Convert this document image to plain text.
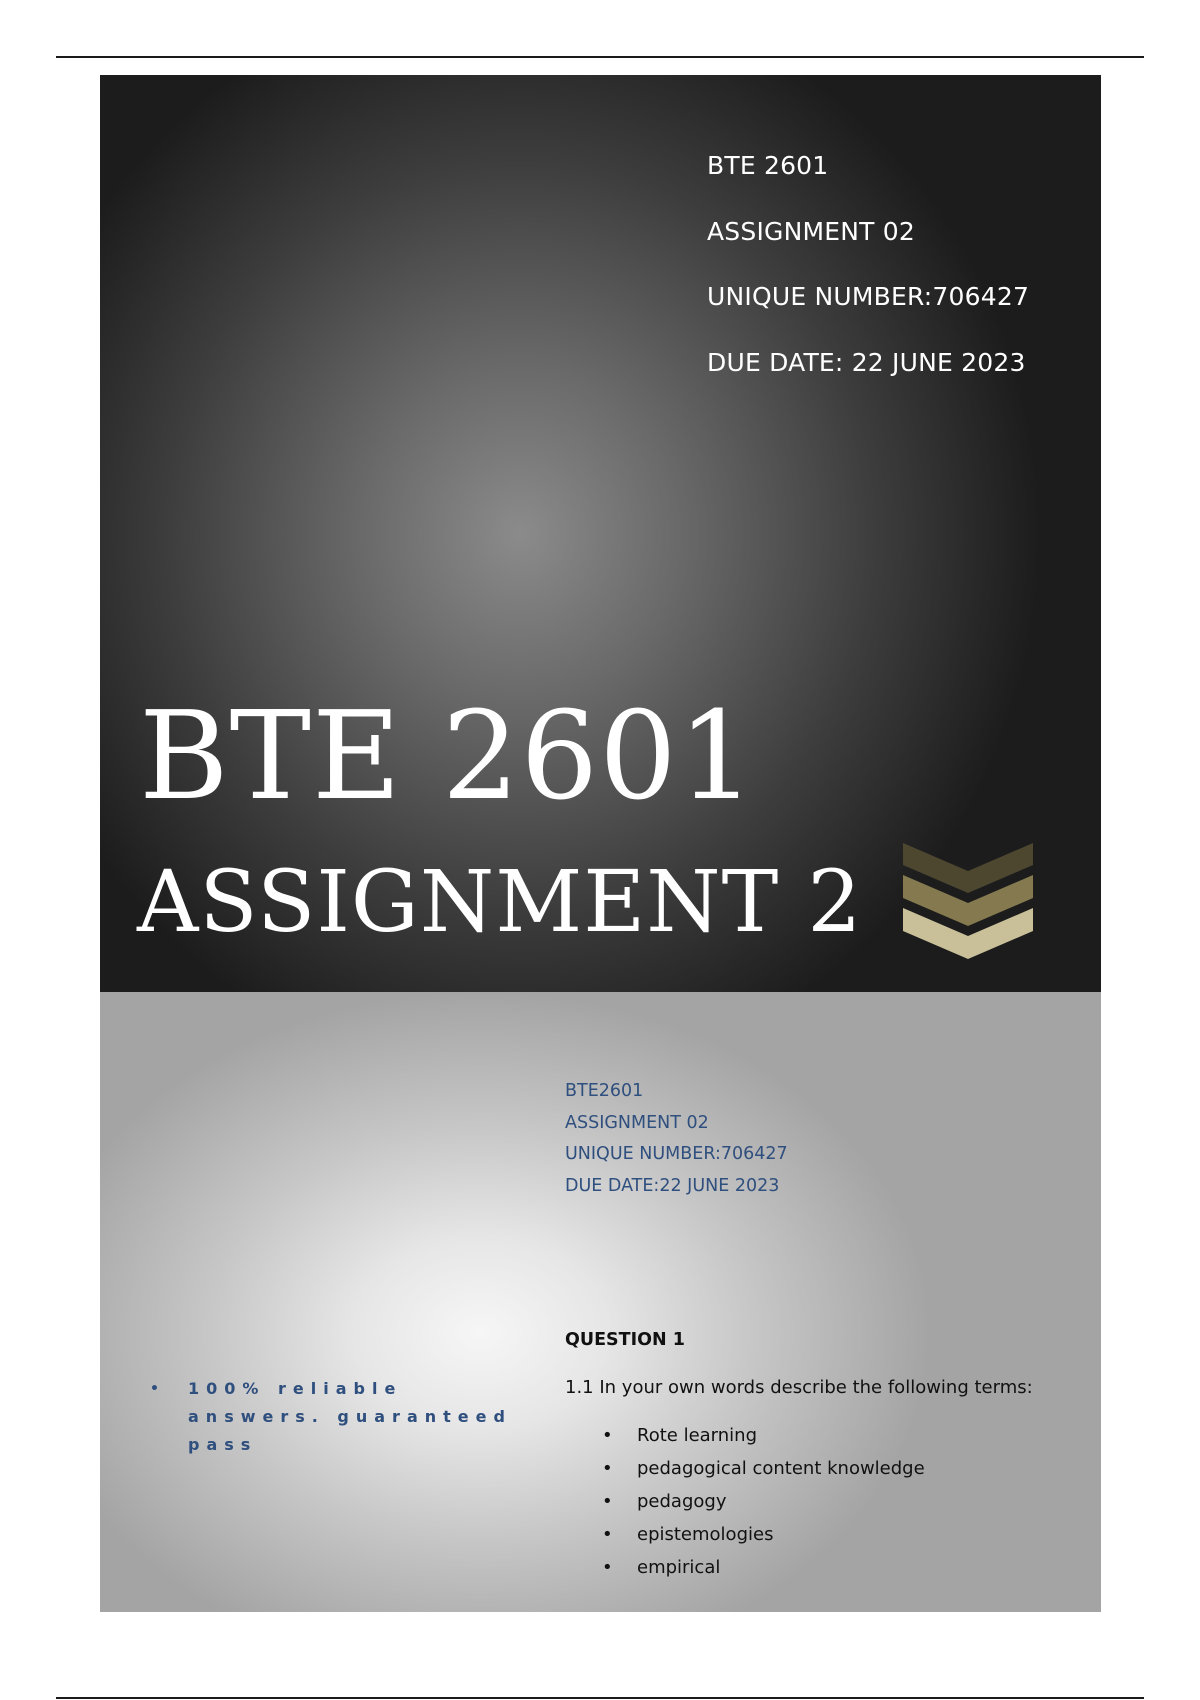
BTE 2601
ASSIGNMENT 02
UNIQUE NUMBER:706427
DUE DATE: 22 JUNE 2023
BTE 2601
ASSIGNMENT 2
BTE2601
ASSIGNMENT 02
UNIQUE NUMBER:706427
DUE DATE:22 JUNE 2023
• 100% reliable answers. guaranteed pass
QUESTION 1
1.1 In your own words describe the following terms:
• Rote learning
• pedagogical content knowledge
• pedagogy
• epistemologies
• empirical
